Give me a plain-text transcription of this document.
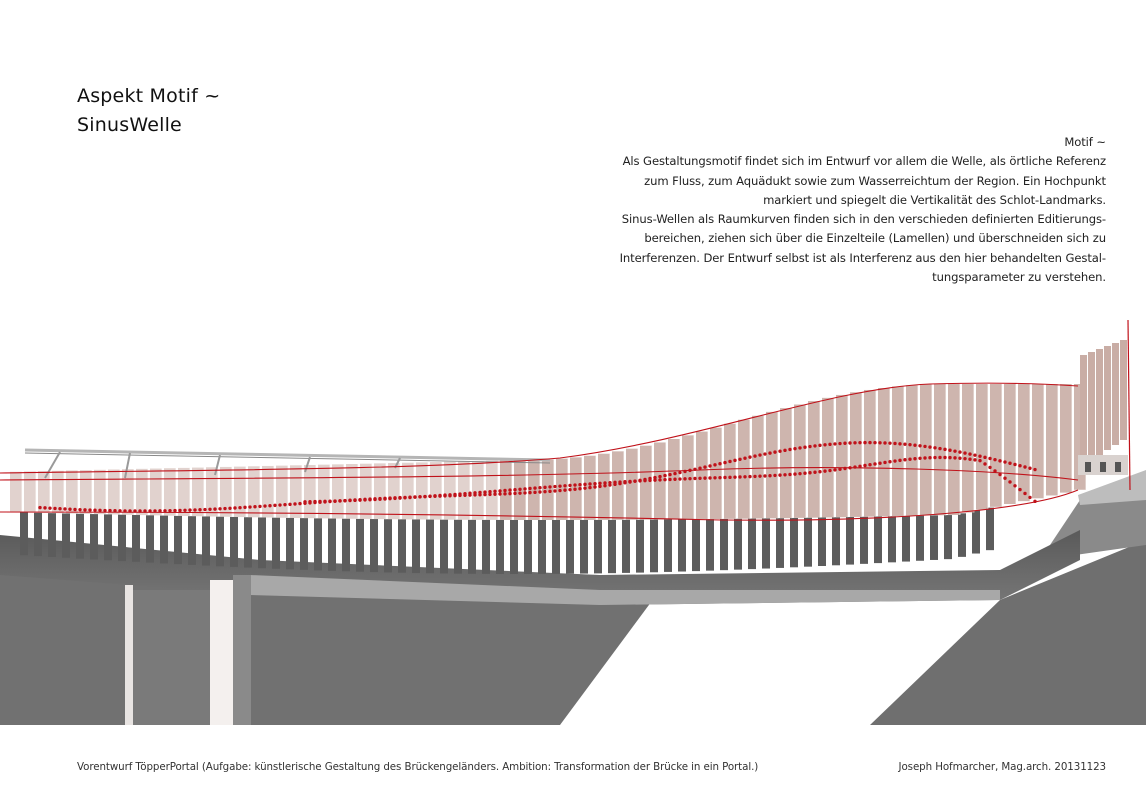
Aspekt Motif ~
SinusWelle
Motif ~
Als Gestaltungsmotif findet sich im Entwurf vor allem die Welle, als örtliche Referenz
zum Fluss, zum Aquädukt sowie zum Wasserreichtum der Region. Ein Hochpunkt
markiert und spiegelt die Vertikalität des Schlot-Landmarks.
Sinus-Wellen als Raumkurven finden sich in den verschieden definierten Editierungs-
bereichen, ziehen sich über die Einzelteile (Lamellen) und überschneiden sich zu
Interferenzen. Der Entwurf selbst ist als Interferenz aus den hier behandelten Gestal-
tungsparameter zu verstehen.
Vorentwurf TöpperPortal (Aufgabe: künstlerische Gestaltung des Brückengeländers. Ambition: Transformation der Brücke in ein Portal.)	Joseph Hofmarcher, Mag.arch. 20131123
